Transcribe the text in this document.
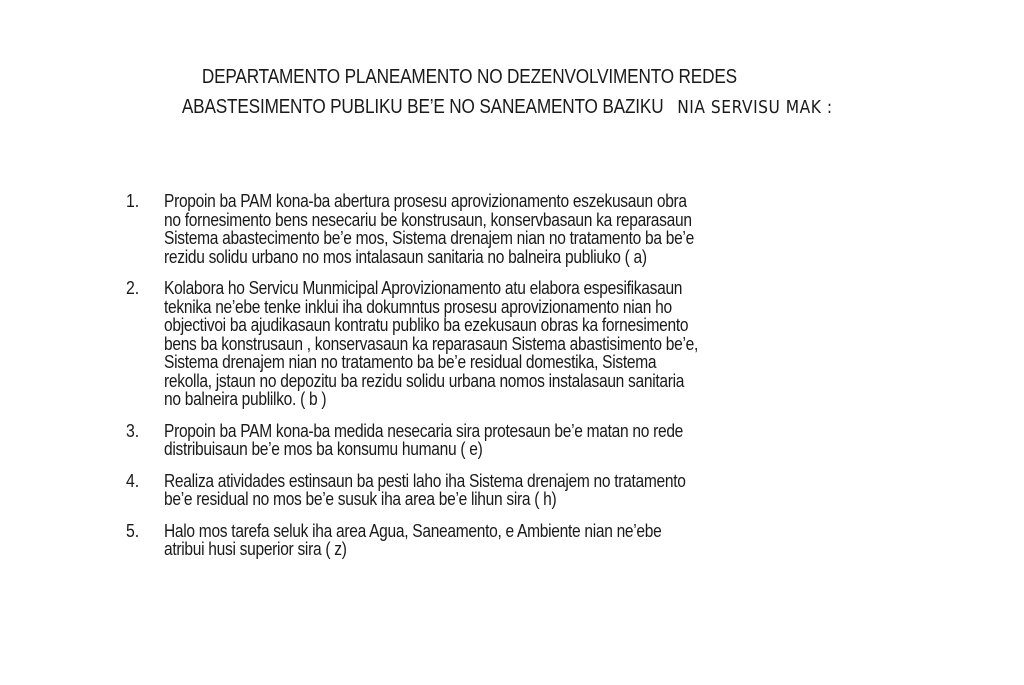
DEPARTAMENTO PLANEAMENTO NO DEZENVOLVIMENTO REDES
ABASTESIMENTO PUBLIKU BE’E NO SANEAMENTO BAZIKU NIA SERVISU MAK :
1. Propoin ba PAM kona-ba abertura prosesu aprovizionamento eszekusaun obra
no fornesimento bens nesecariu be konstrusaun, konservbasaun ka reparasaun
Sistema abastecimento be’e mos, Sistema drenajem nian no tratamento ba be’e
rezidu solidu urbano no mos intalasaun sanitaria no balneira publiuko ( a)
2. Kolabora ho Servicu Munmicipal Aprovizionamento atu elabora espesifikasaun
teknika ne’ebe tenke inklui iha dokumntus prosesu aprovizionamento nian ho
objectivoi ba ajudikasaun kontratu publiko ba ezekusaun obras ka fornesimento
bens ba konstrusaun , konservasaun ka reparasaun Sistema abastisimento be’e,
Sistema drenajem nian no tratamento ba be’e residual domestika, Sistema
rekolla, jstaun no depozitu ba rezidu solidu urbana nomos instalasaun sanitaria
no balneira publilko. ( b )
3. Propoin ba PAM kona-ba medida nesecaria sira protesaun be’e matan no rede
distribuisaun be’e mos ba konsumu humanu ( e)
4. Realiza atividades estinsaun ba pesti laho iha Sistema drenajem no tratamento
be’e residual no mos be’e susuk iha area be’e lihun sira ( h)
5. Halo mos tarefa seluk iha area Agua, Saneamento, e Ambiente nian ne’ebe
atribui husi superior sira ( z)
